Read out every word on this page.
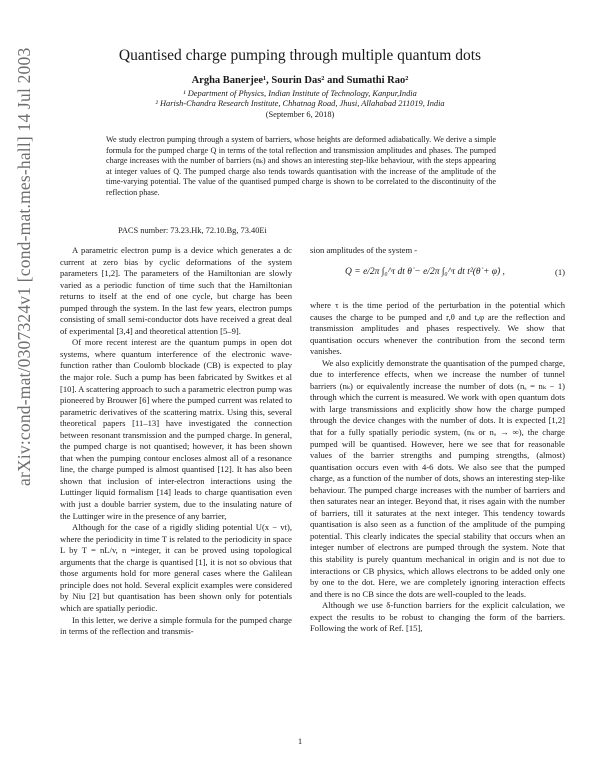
arXiv:cond-mat/0307324v1 [cond-mat.mes-hall] 14 Jul 2003	Quantised charge pumping through multiple quantum dots
Argha Banerjee¹, Sourin Das² and Sumathi Rao²
¹ Department of Physics, Indian Institute of Technology, Kanpur,India
² Harish-Chandra Research Institute, Chhatnag Road, Jhusi, Allahabad 211019, India
(September 6, 2018)
We study electron pumping through a system of barriers, whose heights are deformed adiabatically. We derive a simple formula for the pumped charge Q in terms of the total reflection and transmission amplitudes and phases. The pumped charge increases with the number of barriers (nₖ) and shows an interesting step-like behaviour, with the steps appearing at integer values of Q. The pumped charge also tends towards quantisation with the increase of the amplitude of the time-varying potential. The value of the quantised pumped charge is shown to be correlated to the discontinuity of the reflection phase.
PACS number: 73.23.Hk, 72.10.Bg, 73.40Ei

A parametric electron pump is a device which generates a dc current at zero bias by cyclic deformations of the system parameters [1,2]. The parameters of the Hamiltonian are slowly varied as a periodic function of time such that the Hamiltonian returns to itself at the end of one cycle, but charge has been pumped through the system. In the last few years, electron pumps consisting of small semi-conductor dots have received a great deal of experimental [3,4] and theoretical attention [5–9].

Of more recent interest are the quantum pumps in open dot systems, where quantum interference of the electronic wave-function rather than Coulomb blockade (CB) is expected to play the major role. Such a pump has been fabricated by Switkes et al [10]. A scattering approach to such a parametric electron pump was pioneered by Brouwer [6] where the pumped current was related to parametric derivatives of the scattering matrix. Using this, several theoretical papers [11–13] have investigated the connection between resonant transmission and the pumped charge. In general, the pumped charge is not quantised; however, it has been shown that when the pumping contour encloses almost all of a resonance line, the charge pumped is almost quantised [12]. It has also been shown that inclusion of inter-electron interactions using the Luttinger liquid formalism [14] leads to charge quantisation even with just a double barrier system, due to the insulating nature of the Luttinger wire in the presence of any barrier,

Although for the case of a rigidly sliding potential U(x − vt), where the periodicity in time T is related to the periodicity in space L by T = nL/v, n =integer, it can be proved using topological arguments that the charge is quantised [1], it is not so obvious that those arguments hold for more general cases where the Galilean principle does not hold. Several explicit examples were considered by Niu [2] but quantisation has been shown only for potentials which are spatially periodic.

In this letter, we derive a simple formula for the pumped charge in terms of the reflection and transmis-

sion amplitudes of the system -

Q = e/2π ∫₀^τ dt θ̇ − e/2π ∫₀^τ dt t²(θ̇ + φ̇) ,	(1)

where τ is the time period of the perturbation in the potential which causes the charge to be pumped and r,θ and t,φ are the reflection and transmission amplitudes and phases respectively. We show that quantisation occurs whenever the contribution from the second term vanishes.

We also explicitly demonstrate the quantisation of the pumped charge, due to interference effects, when we increase the number of tunnel barriers (nₖ) or equivalently increase the number of dots (nₐ = nₖ − 1) through which the current is measured. We work with open quantum dots with large transmissions and explicitly show how the charge pumped through the device changes with the number of dots. It is expected [1,2] that for a fully spatially periodic system, (nₖ or nₐ → ∞), the charge pumped will be quantised. However, here we see that for reasonable values of the barrier strengths and pumping strengths, (almost) quantisation occurs even with 4-6 dots. We also see that the pumped charge, as a function of the number of dots, shows an interesting step-like behaviour. The pumped charge increases with the number of barriers and then saturates near an integer. Beyond that, it rises again with the number of barriers, till it saturates at the next integer. This tendency towards quantisation is also seen as a function of the amplitude of the pumping potential. This clearly indicates the special stability that occurs when an integer number of electrons are pumped through the system. Note that this stability is purely quantum mechanical in origin and is not due to interactions or CB physics, which allows electrons to be added only one by one to the dot. Here, we are completely ignoring interaction effects and there is no CB since the dots are well-coupled to the leads.

Although we use δ-function barriers for the explicit calculation, we expect the results to be robust to changing the form of the barriers. Following the work of Ref. [15],

1
